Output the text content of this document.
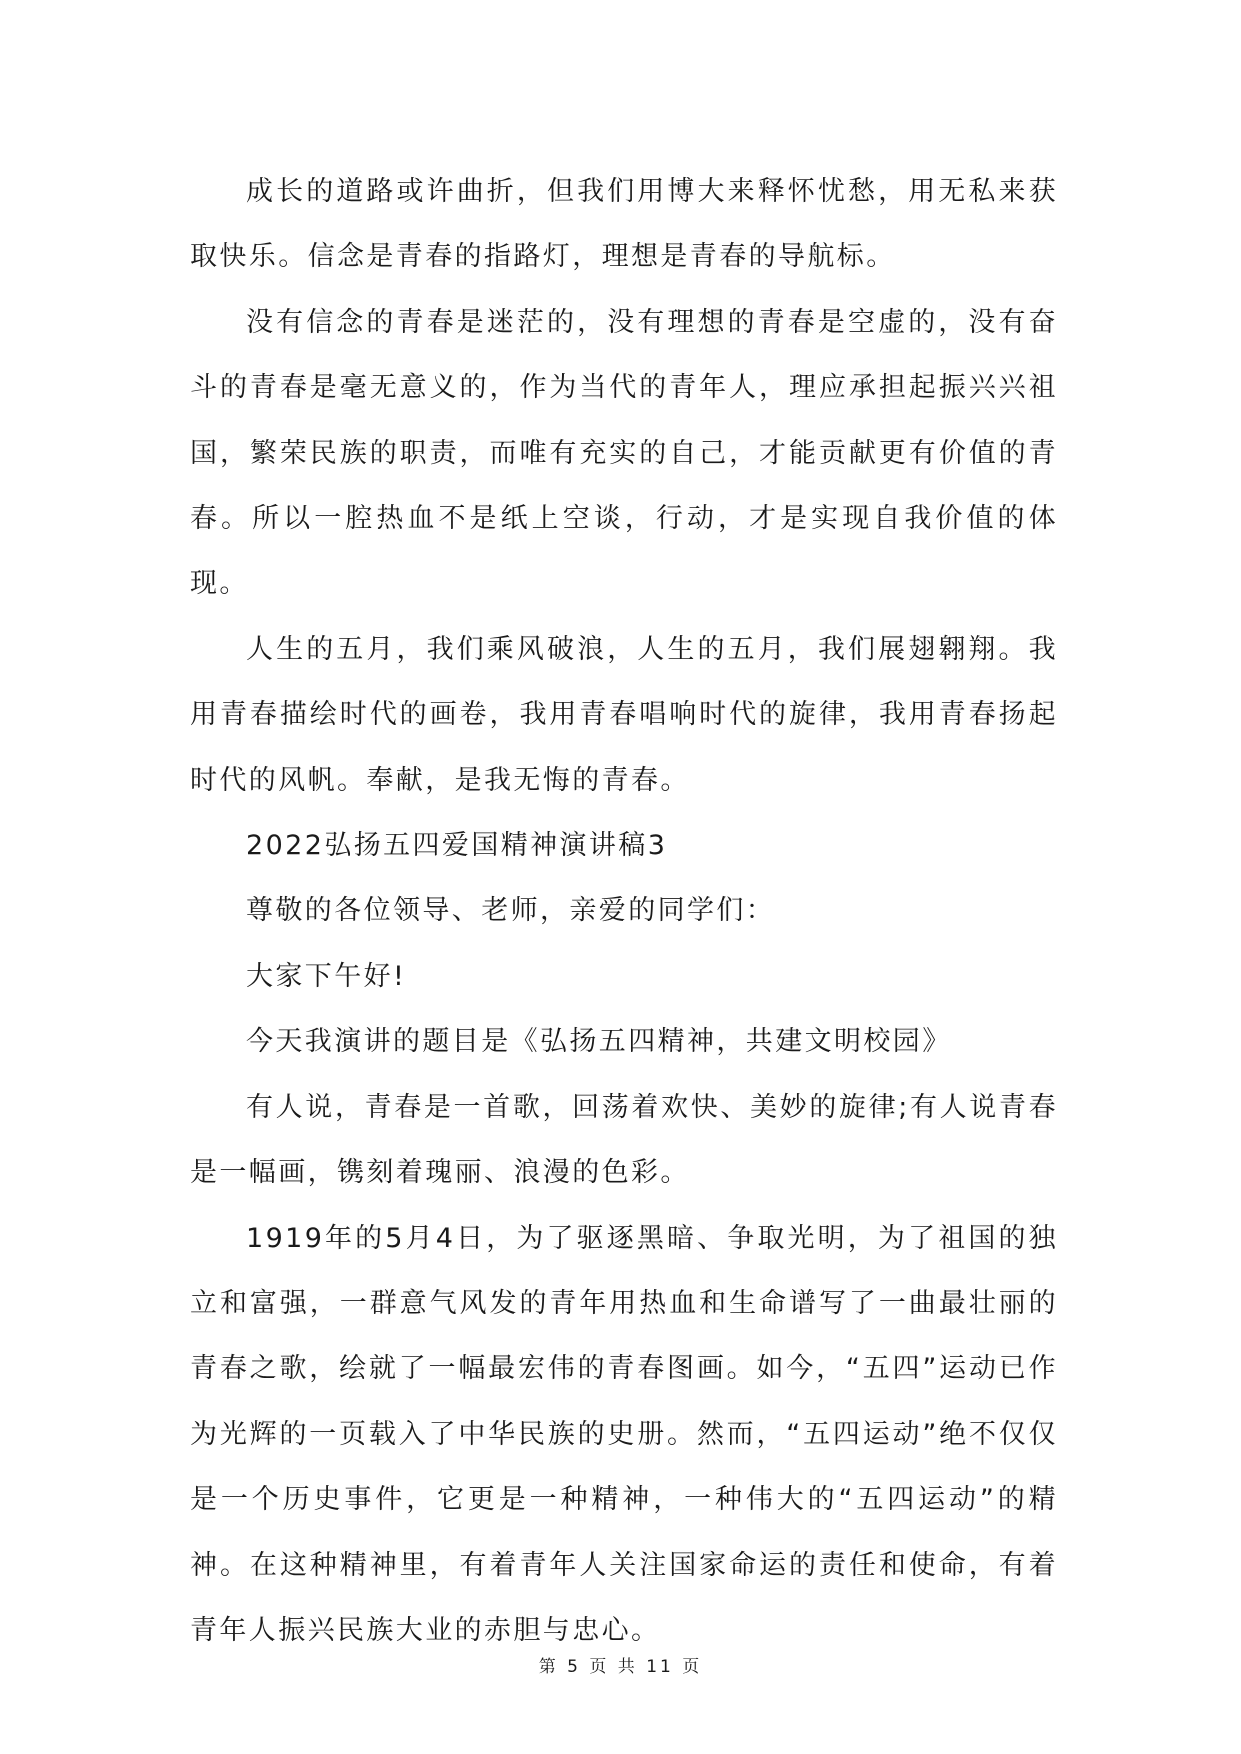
成长的道路或许曲折，但我们用博大来释怀忧愁，用无私来获取快乐。信念是青春的指路灯，理想是青春的导航标。

没有信念的青春是迷茫的，没有理想的青春是空虚的，没有奋斗的青春是毫无意义的，作为当代的青年人，理应承担起振兴兴祖国，繁荣民族的职责，而唯有充实的自己，才能贡献更有价值的青春。所以一腔热血不是纸上空谈，行动，才是实现自我价值的体现。

人生的五月，我们乘风破浪，人生的五月，我们展翅翱翔。我用青春描绘时代的画卷，我用青春唱响时代的旋律，我用青春扬起时代的风帆。奉献，是我无悔的青春。

2022弘扬五四爱国精神演讲稿3

尊敬的各位领导、老师，亲爱的同学们：

大家下午好!

今天我演讲的题目是《弘扬五四精神，共建文明校园》

有人说，青春是一首歌，回荡着欢快、美妙的旋律;有人说青春是一幅画，镌刻着瑰丽、浪漫的色彩。

1919年的5月4日，为了驱逐黑暗、争取光明，为了祖国的独立和富强，一群意气风发的青年用热血和生命谱写了一曲最壮丽的青春之歌，绘就了一幅最宏伟的青春图画。如今，“五四”运动已作为光辉的一页载入了中华民族的史册。然而，“五四运动”绝不仅仅是一个历史事件，它更是一种精神，一种伟大的“五四运动”的精神。在这种精神里，有着青年人关注国家命运的责任和使命，有着青年人振兴民族大业的赤胆与忠心。

第 5 页 共 11 页
